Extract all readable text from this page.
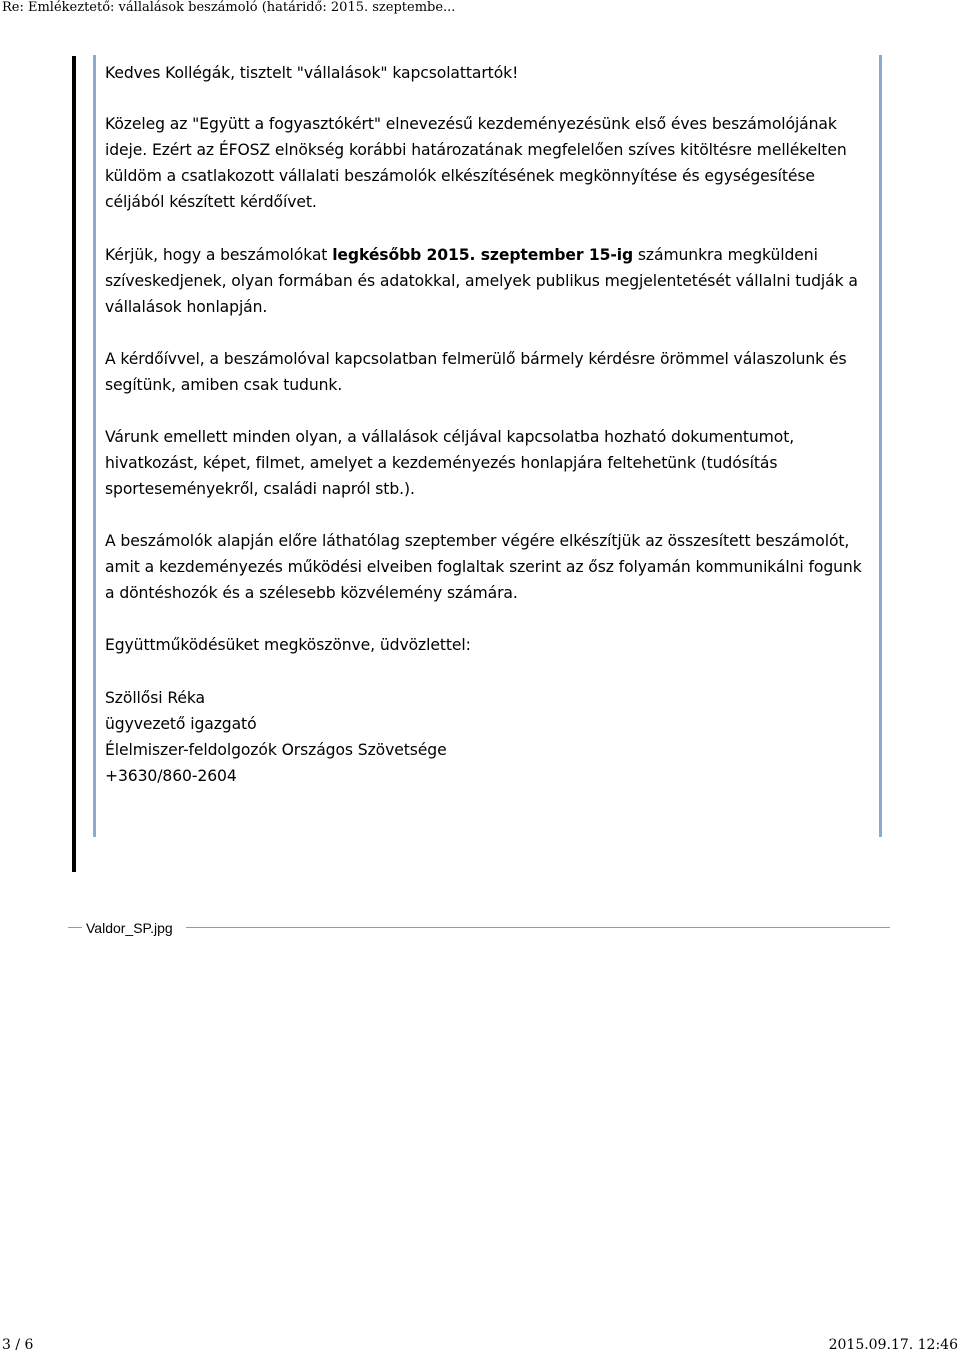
Re: Emlékeztető: vállalások beszámoló (határidő: 2015. szeptembe...

Kedves Kollégák, tisztelt "vállalások" kapcsolattartók!

Közeleg az "Együtt a fogyasztókért" elnevezésű kezdeményezésünk első éves beszámolójának ideje. Ezért az ÉFOSZ elnökség korábbi határozatának megfelelően szíves kitöltésre mellékelten küldöm a csatlakozott vállalati beszámolók elkészítésének megkönnyítése és egységesítése céljából készített kérdőívet.

Kérjük, hogy a beszámolókat legkésőbb 2015. szeptember 15-ig számunkra megküldeni szíveskedjenek, olyan formában és adatokkal, amelyek publikus megjelentetését vállalni tudják a vállalások honlapján.

A kérdőívvel, a beszámolóval kapcsolatban felmerülő bármely kérdésre örömmel válaszolunk és segítünk, amiben csak tudunk.

Várunk emellett minden olyan, a vállalások céljával kapcsolatba hozható dokumentumot, hivatkozást, képet, filmet, amelyet a kezdeményezés honlapjára feltehetünk (tudósítás sporteseményekről, családi napról stb.).

A beszámolók alapján előre láthatólag szeptember végére elkészítjük az összesített beszámolót, amit a kezdeményezés működési elveiben foglaltak szerint az ősz folyamán kommunikálni fogunk a döntéshozók és a szélesebb közvélemény számára.

Együttműködésüket megköszönve, üdvözlettel:

Szöllősi Réka
ügyvezető igazgató
Élelmiszer-feldolgozók Országos Szövetsége
+3630/860-2604

Valdor_SP.jpg
3 / 6	2015.09.17. 12:46
